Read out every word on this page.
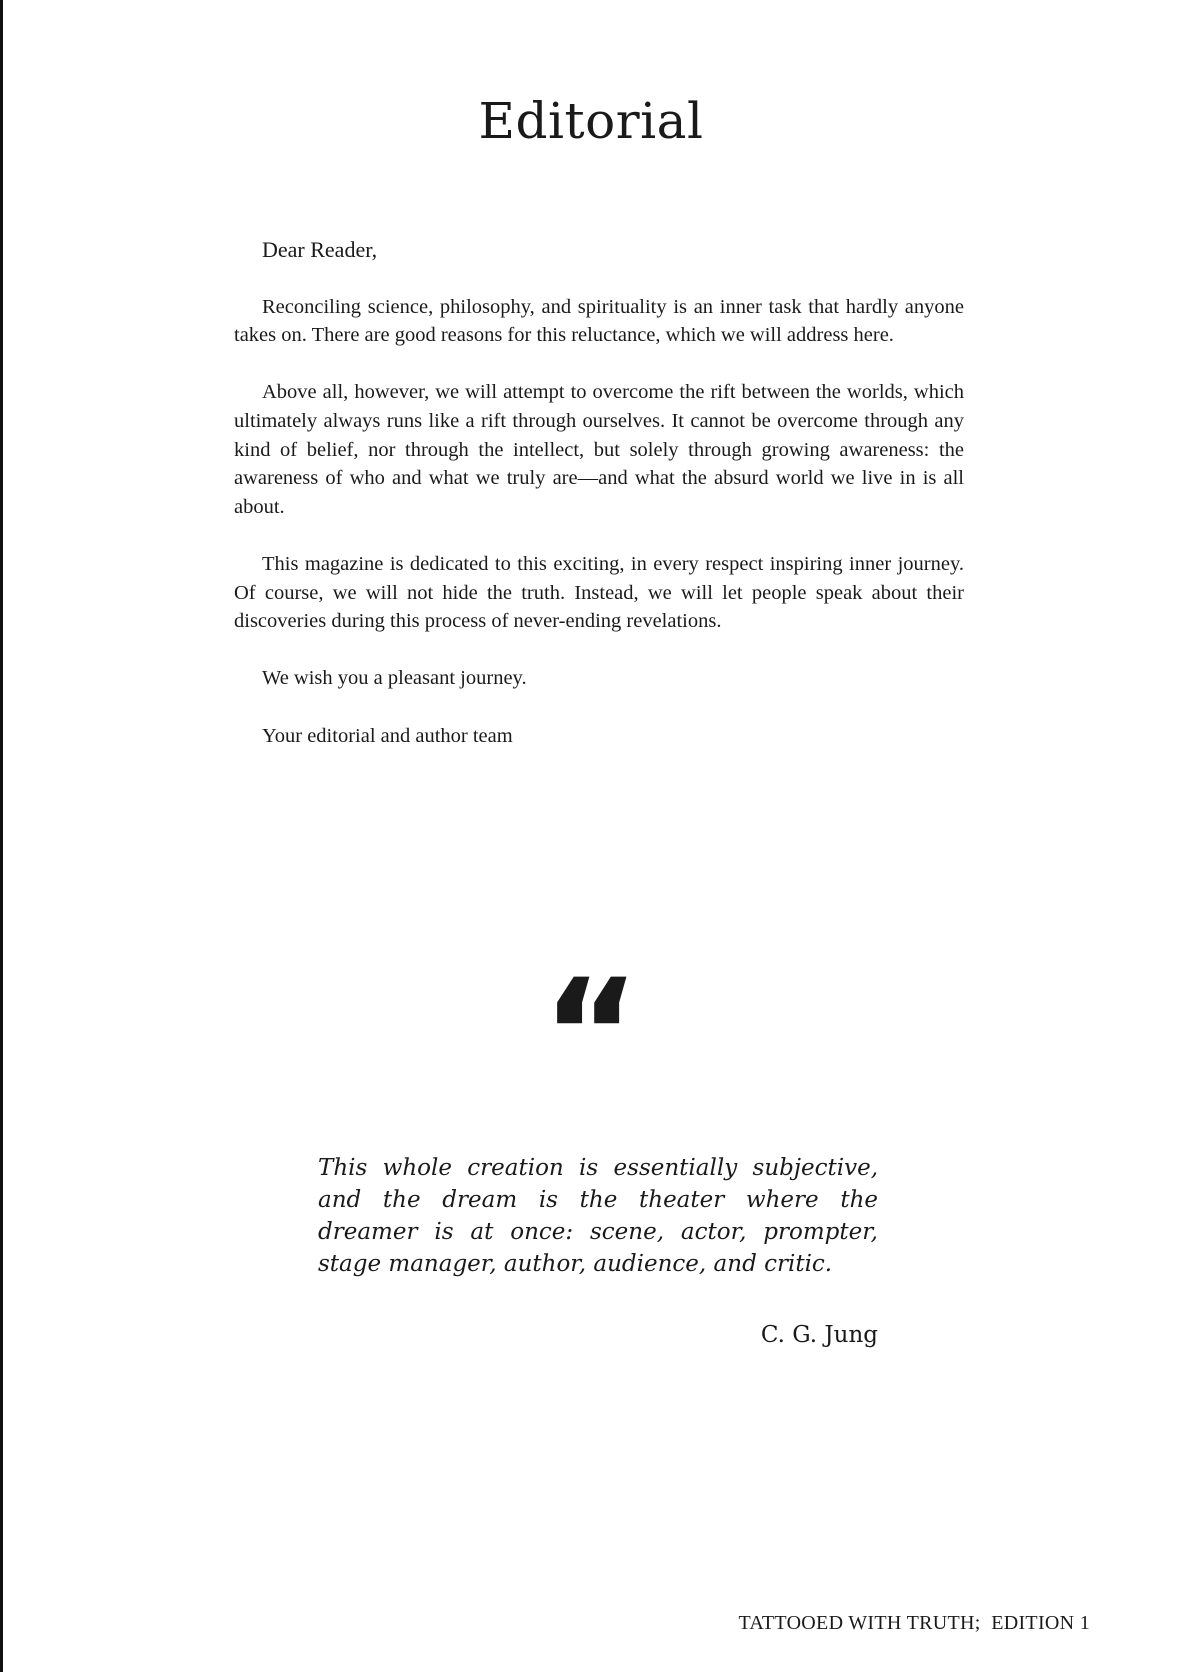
Editorial

Dear Reader,

Reconciling science, philosophy, and spirituality is an inner task that hardly anyone takes on. There are good reasons for this reluctance, which we will address here.

Above all, however, we will attempt to overcome the rift between the worlds, which ultimately always runs like a rift through ourselves. It cannot be overcome through any kind of belief, nor through the intellect, but solely through growing awareness: the awareness of who and what we truly are—and what the absurd world we live in is all about.

This magazine is dedicated to this exciting, in every respect inspiring inner journey. Of course, we will not hide the truth. Instead, we will let people speak about their discoveries during this process of never-ending revelations.

We wish you a pleasant journey.

Your editorial and author team

“

This whole creation is essentially subjective, and the dream is the theater where the dreamer is at once: scene, actor, prompter, stage manager, author, audience, and critic.

C. G. Jung
TATTOOED WITH TRUTH;  EDITION 1
